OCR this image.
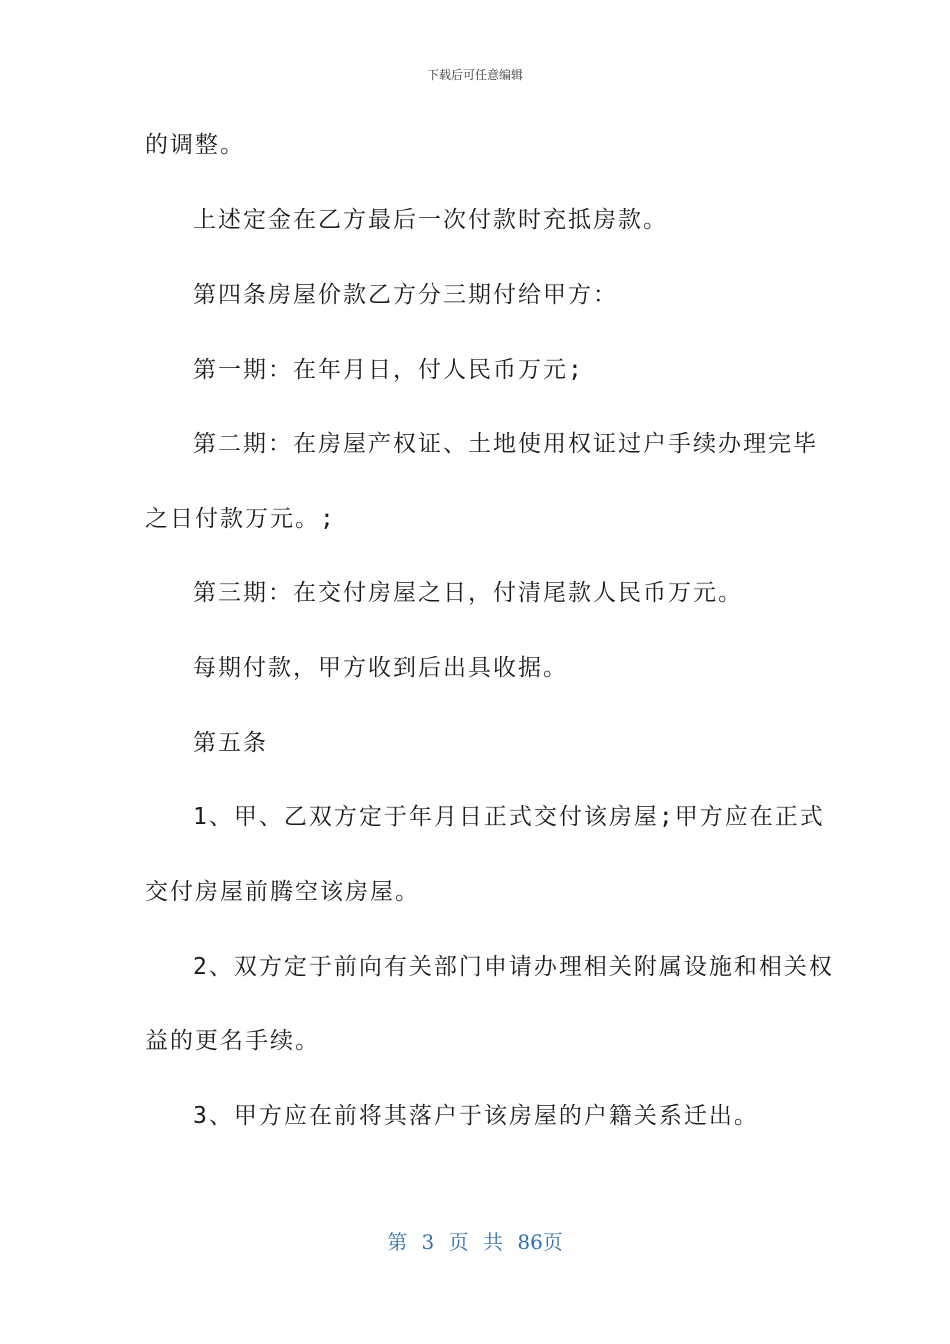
下载后可任意编辑
的调整。
上述定金在乙方最后一次付款时充抵房款。
第四条房屋价款乙方分三期付给甲方：
第一期：在年月日，付人民币万元;
第二期：在房屋产权证、土地使用权证过户手续办理完毕
之日付款万元。;
第三期：在交付房屋之日，付清尾款人民币万元。
每期付款，甲方收到后出具收据。
第五条
1、甲、乙双方定于年月日正式交付该房屋;甲方应在正式
交付房屋前腾空该房屋。
2、双方定于前向有关部门申请办理相关附属设施和相关权
益的更名手续。
3、甲方应在前将其落户于该房屋的户籍关系迁出。
第 3 页 共 86页
